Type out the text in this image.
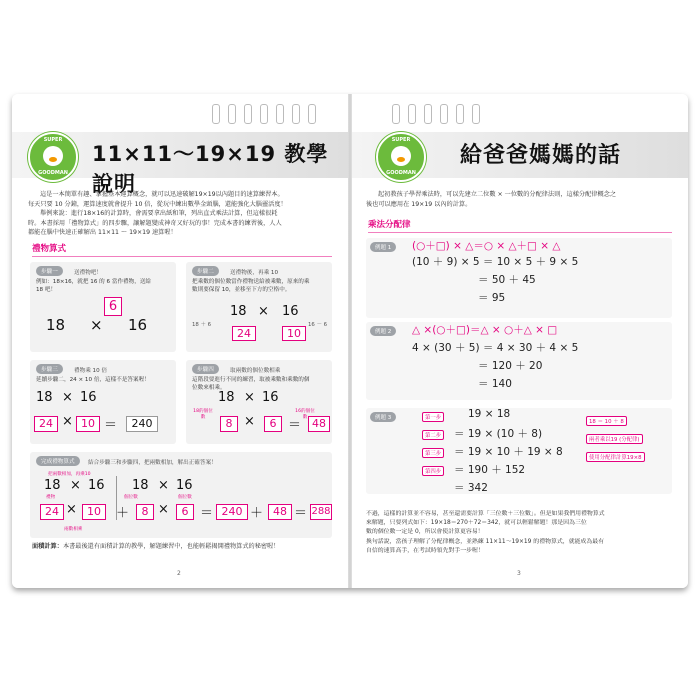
SUPER
GOODMAN
11×11～19×19 教學說明
這是一本簡單有趣、掌握基本運算概念，就可以迅速破解19×19以內題目的速算練習本。
每天只要 10 分鐘，運算速度就會提升 10 倍，從玩中練出數學金頭腦，還能強化大腦靈活度！
舉例來說：進行18×16的計算時，會需要拿出紙和筆，列出直式乘法計算，但這樣很耗
時。本書採用「禮物算式」的四步驟，讓解題變成神奇又好玩的事！完成本書的練習後，人人
都能在腦中快速正確解出 11×11 ～ 19×19 速算喔！
禮物算式
步驟一	送禮物吧！
例如：18×16，就把 16 的 6 當作禮物，送給
18 吧！
6
18 × 16
步驟二	送禮物後，再乘 10
把乘數的個位數當作禮物送給被乘數，原來的乘
數則要保留 10，並移至下方的空格中。
18 ＋ 6	16 － 6
18 × 16
24	10
步驟三	禮物乘 10 倍
延續步驟二，24 × 10 倍，這樣不是答案喔！
18 × 16
24 × 10 ＝	240
步驟四	取兩數的個位數相乘
這階段要進行不同的練習，取被乘數和乘數的個
位數來相乘。
18 × 16
18的個位數
16的個位數
8 ×	6 ＝ 48
完成禮物算式	結合步驟三和步驟四，把兩數相加，解出正確答案！
把兩數相加，再乘10
18 × 16 18 × 16
禮物	個位數	個位數
24 × 10	＋	8 ×	6 ＝ 240 ＋ 48 ＝ 288
兩數相乘
面積計算：本書最後還有面積計算的教學，解題練習中，也能輕鬆揭開禮物算式的秘密喔！
2
SUPER
GOODMAN
給爸爸媽媽的話
起初教孩子學習乘法時，可以先建立二位數 × 一位數的分配律法則，這樣分配律概念之
後也可以應用在 19×19 以內的計算。
乘法分配律
例題 1	(○＋□) × △＝○ × △＋□ × △
(10 ＋ 9) × 5 ＝ 10 × 5 ＋ 9 × 5
＝ 50 ＋ 45
＝ 95
例題 2	△ ×(○＋□)＝△ × ○＋△ × □
4 × (30 ＋ 5) ＝ 4 × 30 ＋ 4 × 5
＝ 120 ＋ 20
＝ 140
例題 3	第一步
第二步
第三步
第四步
19 × 18
＝ 19 × (10 ＋ 8)
＝ 19 × 10 ＋ 19 × 8
＝ 190 ＋ 152
＝ 342
18 ＝ 10 ＋ 8
兩者乘以19 (分配律)
使用分配律計算19×8
不過，這樣的計算並不容易，甚至還需要計算「三位數＋三位數」。但是如果我們用禮物算式
來解題，只要列式如下：19×18＝270＋72＝342，就可以輕鬆解題！那是因為三位
數的個位數一定是 0，所以會使計算更容易！
換句話說，當孩子理解了分配律概念，並熟練 11×11～19×19 的禮物算式，就能成為最有
自信的速算高手，在考試時領先對手一步喔！
3
